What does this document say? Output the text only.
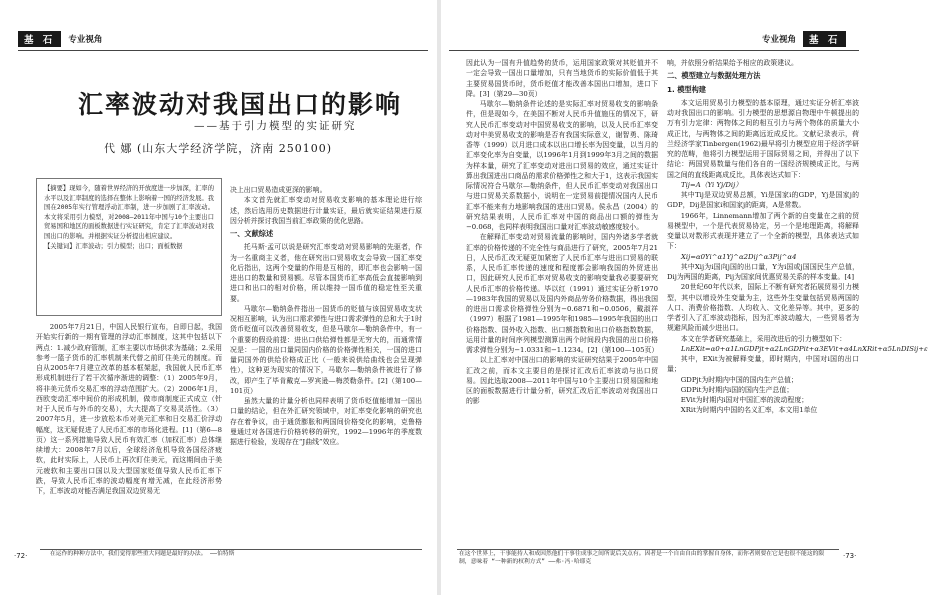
基 石	专业视角
汇率波动对我国出口的影响
——基于引力模型的实证研究
代 娜 (山东大学经济学院，济南 250100)

【摘要】现如今，随着世界经济的开放度进一步加深，汇率的水平以及汇率制度的选择在整体上影响着一国的经济发展。我国在2005年实行管理浮动汇率制，进一步加剧了汇率波动。本文将采用引力模型，对2008—2011年中国与10个主要出口贸易国和地区的面板数据进行实证研究，肯定了汇率波动对我国出口的影响。并根据实证分析提出相应建议。

【关键词】汇率波动；引力模型；出口；面板数据

2005年7月21日，中国人民银行宣布，自即日起，我国开始实行新的一期有管理的浮动汇率制度，这其中包括以下两点：1.减少政府管制，汇率主要以市场供求为基础；2.采用参考一篮子货币的汇率机制来代替之前盯住美元的制度。而自从2005年7月建立改革的基本框架起，我国就人民币汇率形成机制进行了若干次循序渐进的调整：（1）2005年9月，将非美元货币交易汇率的浮动范围扩大。（2）2006年1月，西欧变动汇率中间价的形成机制，做市商制度正式成立（针对于人民币与外币的交易），大大提高了交易灵活性。（3）2007年5月，进一步放松本币对美元汇率和日交易汇价浮动幅度，这无疑促进了人民币汇率的市场化进程。[1]（第6—8页）这一系列措施导致人民币有效汇率（加权汇率）总体继续增大：2008年7月以后，全球经济危机导致各国经济疲软，此时实际上，人民币上再次盯住美元，而这期间由于美元疲软和主要出口国以及大型国家贬值导致人民币汇率下跌，导致人民币汇率的波动幅度有增无减，在此经济形势下，汇率波动对能否满足我国双边贸易无

决上出口贸易造成更深的影响。

本文首先就汇率变动对贸易收支影响的基本理论进行综述，然后选用历史数据进行计量实证，最后就实证结果进行原因分析并探讨我国当前汇率政策的优化思路。

一、文献综述

托马斯·孟可以说是研究汇率变动对贸易影响的先驱者，作为一名重商主义者，他在研究出口贸易收支会导致一国汇率变化后指出，这两个变量的作用是互相的，即汇率也会影响一国进出口的数量和贸易额。尽管本国货币汇率高低会直接影响到进口和出口的相对价格，所以维持一国币值的稳定性至关重要。

马歇尔—勒纳条件指出一国货币的贬值与该国贸易收支状况相互影响，认为出口需求弹性与进口需求弹性的总和大于1时货币贬值可以改善贸易收支，但是马歇尔—勒纳条件中，有一个重要的假设前提：进出口供给弹性都是无穷大的，而通常情况是：一国的出口量同国内价格的价格弹性相关，一国的进口量同国外的供给价格成正比（一般来说供给曲线也会呈现弹性），这种更为现实的情况下，马歇尔—勒纳条件被进行了修改，即产生了毕肯戴克—罗宾逊—梅茨勒条件。[2]（第100—101页）

虽然大量的计量分析也同样表明了货币贬值能增加一国出口量的结论，但在外汇研究领域中，对汇率变化影响的研究也存在着争议，由于通货膨胀和两国间价格变化的影响，克鲁格曼通过对各国进行价格转移的研究，1992—1996年的季度数据进行检验，发现存在“J曲线”效应。

·72·	在运作的种种方法中，我们觉得那些重大问题是最好的办法。 ——伯特斯
专业视角	基 石

因此认为一国有升值趋势的货币，运用国家政策对其贬值并不一定会导致一国出口量增加，只有当地货币的实际价值低于其主要贸易国货币时，货币贬值才能改善本国出口增加，进口下降。[3]（第29—30页）

马歇尔—勒纳条件论述的是实际汇率对贸易收支的影响条件，但是现如今，在美国不断对人民币升值施压的情况下，研究人民币汇率变动对中国贸易收支的影响，以及人民币汇率变动对中美贸易收支的影响是否有我国实际意义，谢智勇、陈琦香等（1999）以月进口成本以出口增长率为因变量，以当月的汇率变化率为自变量，以1996年1月到1999年3月之间的数据为样本量，研究了汇率变动对进出口贸易的效应，通过实证计算出我国进出口商品的需求价格弹性之和大于1，这表示我国实际情况符合马歇尔—勒纳条件，但人民币汇率变动对我国出口与进口贸易关系数据小，说明在一定贸易前提情况国内人民币汇率不能来有力地影响我国的进出口贸易。侯永昌（2004）的研究结果表明，人民币汇率对中国的商品出口额的弹性为−0.068，也同样表明我国出口量对汇率波动敏感度较小。

在解释汇率变动对贸易流量的影响时，国内外诸多学者就汇率的价格传递的不完全性与商品进行了研究，2005年7月21日，人民币汇改无疑更加紧密了人民币汇率与进出口贸易的联系，人民币汇率传递的速度和程度都会影响我国的外贸进出口，因此研究人民币汇率对贸易收支的影响变量我必要要研究人民币汇率的价格传递。毕以红（1991）通过实证分析1970—1983年我国的贸易以及国内外商品劳务价格数据，得出我国的进出口需求价格弹性分别为−0.6871和−0.0506，戴淑祥（1997）根据了1981—1995年和1985—1995年我国的出口价格指数、国外收入指数、出口额指数和出口价格指数数据，运用计量的时间序列模型测算出两个时间段内我国的出口价格需求弹性分别为−1.0331和−1.1234。[2]（第100—105页）

以上汇率对中国出口的影响的实证研究结果于2005年中国汇改之前，而本文主要目的是探讨汇改后汇率波动与出口贸易。因此选取2008—2011年中国与10个主要出口贸易国和地区的面板数据进行计量分析，研究汇改后汇率波动对我国出口的影

响，并依照分析结果给予相应的政策建议。

二、模型建立与数据处理方法
1. 模型构建

本文运用贸易引力模型的基本原理，通过实证分析汇率波动对我国出口的影响。引力模型的思想源自物理中牛顿提出的万有引力定律：两物体之间的相互引力与两个物体的质量大小成正比，与两物体之间的距离远近成反比。文献记录表示，荷兰经济学家Tinbergen(1962)最早将引力模型应用于经济学研究的范畴，他将引力模型运用于国际贸易之间，并得出了以下结论：两国贸易数量与他们各自的一国经济规模成正比，与两国之间的直线距离成反比，具体表达式如下：

Tij=A（Yi Yj/Dij）

其中Tij是双边贸易总额，Yi是国家i的GDP，Yj是国家j的GDP，Dij是国家i和国家j的距离，A是常数。

1966年，Linnemann增加了两个新的自变量在之前的贸易模型中，一个是代表贸易协定，另一个是地理距离，将解释变量以对数形式表现并建立了一个全新的模型，具体表达式如下：

Xij=α0Yi^α1Yj^α2Dij^α3Pij^α4

其中Xij为i国向j国的出口量，Y为i国或j国国民生产总值，Dij为两国的距离，Pij为国家间优惠贸易关系的样本变量。[4]

20世纪60年代以来，国际上不断有研究者拓展贸易引力模型，其中以增设外生变量为主，这些外生变量包括贸易两国的人口、消费价格指数、人均收入、文化差异等。其中，更多的学者引入了汇率波动指标，因为汇率波动越大，一些贸易者为规避风险而减少进出口。

本文在学者研究基础上，采用改进后的引力模型如下：

LnEXit=α0+α1LnGDPjt+α2LnGDPit+α3EVit+α4LnXRit+α5LnDISij+ε

其中，EXit为被解释变量，即时期内，中国对i国的出口量；

GDPjt为时期内中国的国内生产总值；

GDPit为时期内i国的国内生产总值；

EVit为时期内i国对中国汇率的波动程度；

XRit为时期内中国的名义汇率，本文用1单位

在这个世界上，干事能持人和成因然他们干事往成事之间所说后关点有。因者是一个自由自由的掌握自身体，而你者则要在它是也很不能这的限制，意味着 “一种新的权利方式” ——弗·冯·哈耶克
·73·
